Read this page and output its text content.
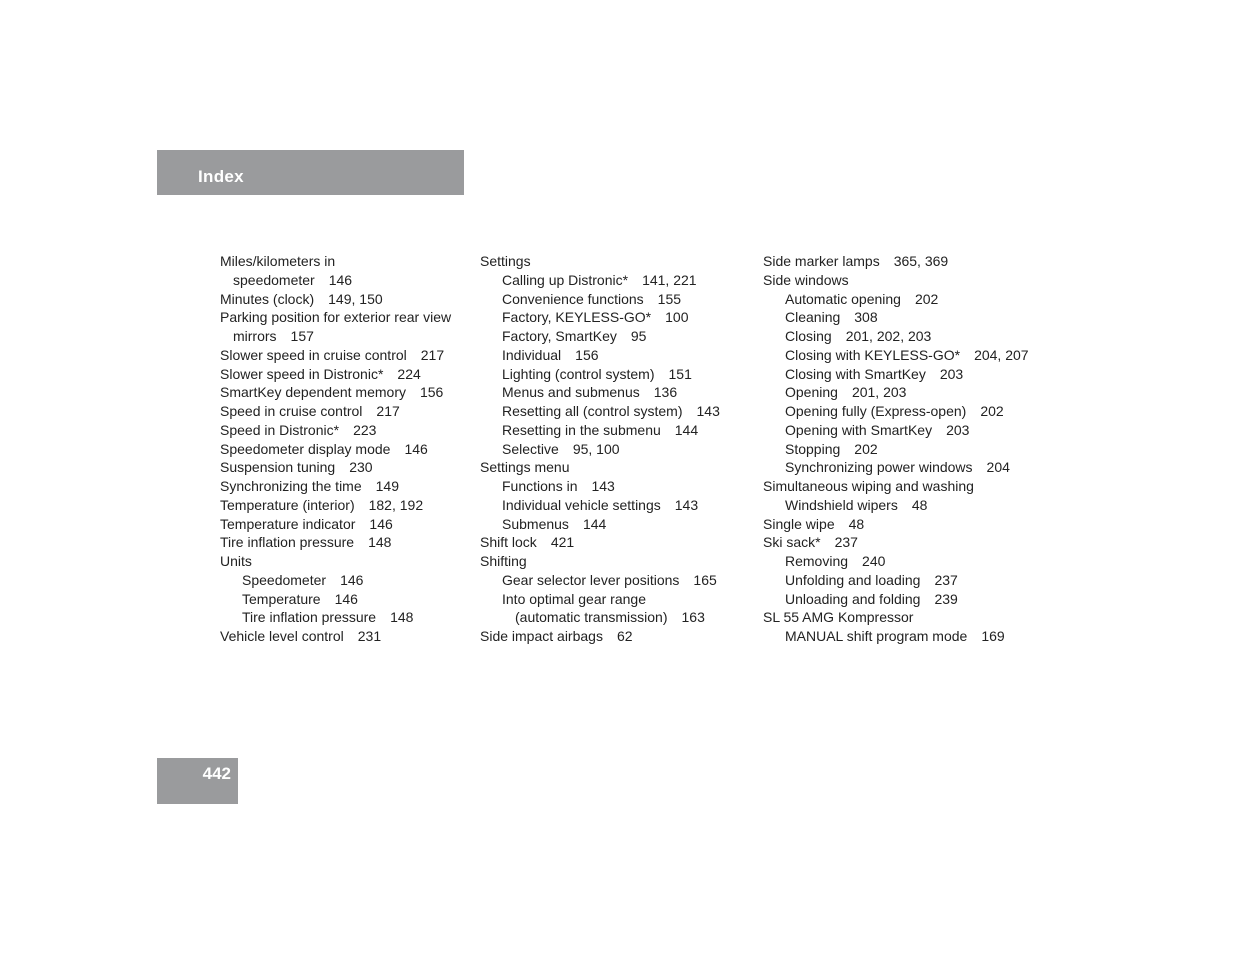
Index
Miles/kilometers in
speedometer 146
Minutes (clock) 149, 150
Parking position for exterior rear view
mirrors 157
Slower speed in cruise control 217
Slower speed in Distronic* 224
SmartKey dependent memory 156
Speed in cruise control 217
Speed in Distronic* 223
Speedometer display mode 146
Suspension tuning 230
Synchronizing the time 149
Temperature (interior) 182, 192
Temperature indicator 146
Tire inflation pressure 148
Units
Speedometer 146
Temperature 146
Tire inflation pressure 148
Vehicle level control 231
Settings
Calling up Distronic* 141, 221
Convenience functions 155
Factory, KEYLESS-GO* 100
Factory, SmartKey 95
Individual 156
Lighting (control system) 151
Menus and submenus 136
Resetting all (control system) 143
Resetting in the submenu 144
Selective 95, 100
Settings menu
Functions in 143
Individual vehicle settings 143
Submenus 144
Shift lock 421
Shifting
Gear selector lever positions 165
Into optimal gear range
(automatic transmission) 163
Side impact airbags 62
Side marker lamps 365, 369
Side windows
Automatic opening 202
Cleaning 308
Closing 201, 202, 203
Closing with KEYLESS-GO* 204, 207
Closing with SmartKey 203
Opening 201, 203
Opening fully (Express-open) 202
Opening with SmartKey 203
Stopping 202
Synchronizing power windows 204
Simultaneous wiping and washing
Windshield wipers 48
Single wipe 48
Ski sack* 237
Removing 240
Unfolding and loading 237
Unloading and folding 239
SL 55 AMG Kompressor
MANUAL shift program mode 169
442
